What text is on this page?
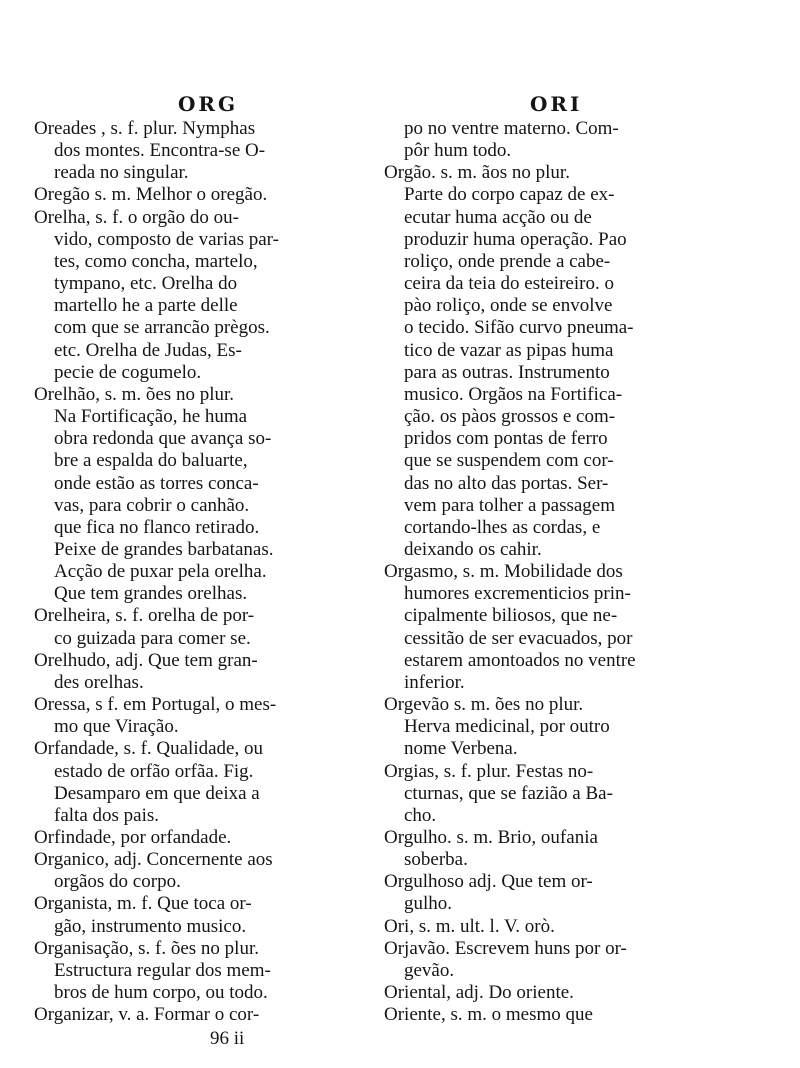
ORG	ORI
Oreades , s. f. plur. Nymphas
dos montes. Encontra-se O-
reada no singular.
Oregão s. m. Melhor o oregão.
Orelha, s. f. o orgão do ou-
vido, composto de varias par-
tes, como concha, martelo,
tympano, etc. Orelha do
martello he a parte delle
com que se arrancão prègos.
etc. Orelha de Judas, Es-
pecie de cogumelo.
Orelhão, s. m. ões no plur.
Na Fortificação, he huma
obra redonda que avança so-
bre a espalda do baluarte,
onde estão as torres conca-
vas, para cobrir o canhão.
que fica no flanco retirado.
Peixe de grandes barbatanas.
Acção de puxar pela orelha.
Que tem grandes orelhas.
Orelheira, s. f. orelha de por-
co guizada para comer se.
Orelhudo, adj. Que tem gran-
des orelhas.
Oressa, s f. em Portugal, o mes-
mo que Viração.
Orfandade, s. f. Qualidade, ou
estado de orfão orfãa. Fig.
Desamparo em que deixa a
falta dos pais.
Orfindade, por orfandade.
Organico, adj. Concernente aos
orgãos do corpo.
Organista, m. f. Que toca or-
gão, instrumento musico.
Organisação, s. f. ões no plur.
Estructura regular dos mem-
bros de hum corpo, ou todo.
Organizar, v. a. Formar o cor-
po no ventre materno. Com-
pôr hum todo.
Orgão. s. m. ãos no plur.
Parte do corpo capaz de ex-
ecutar huma acção ou de
produzir huma operação. Pao
roliço, onde prende a cabe-
ceira da teia do esteireiro. o
pào roliço, onde se envolve
o tecido. Sifão curvo pneuma-
tico de vazar as pipas huma
para as outras. Instrumento
musico. Orgãos na Fortifica-
ção. os pàos grossos e com-
pridos com pontas de ferro
que se suspendem com cor-
das no alto das portas. Ser-
vem para tolher a passagem
cortando-lhes as cordas, e
deixando os cahir.
Orgasmo, s. m. Mobilidade dos
humores excrementicios prin-
cipalmente biliosos, que ne-
cessitão de ser evacuados, por
estarem amontoados no ventre
inferior.
Orgevão s. m. ões no plur.
Herva medicinal, por outro
nome Verbena.
Orgias, s. f. plur. Festas no-
cturnas, que se fazião a Ba-
cho.
Orgulho. s. m. Brio, oufania
soberba.
Orgulhoso adj. Que tem or-
gulho.
Ori, s. m. ult. l. V. orò.
Orjavão. Escrevem huns por or-
gevão.
Oriental, adj. Do oriente.
Oriente, s. m. o mesmo que
96 ii
